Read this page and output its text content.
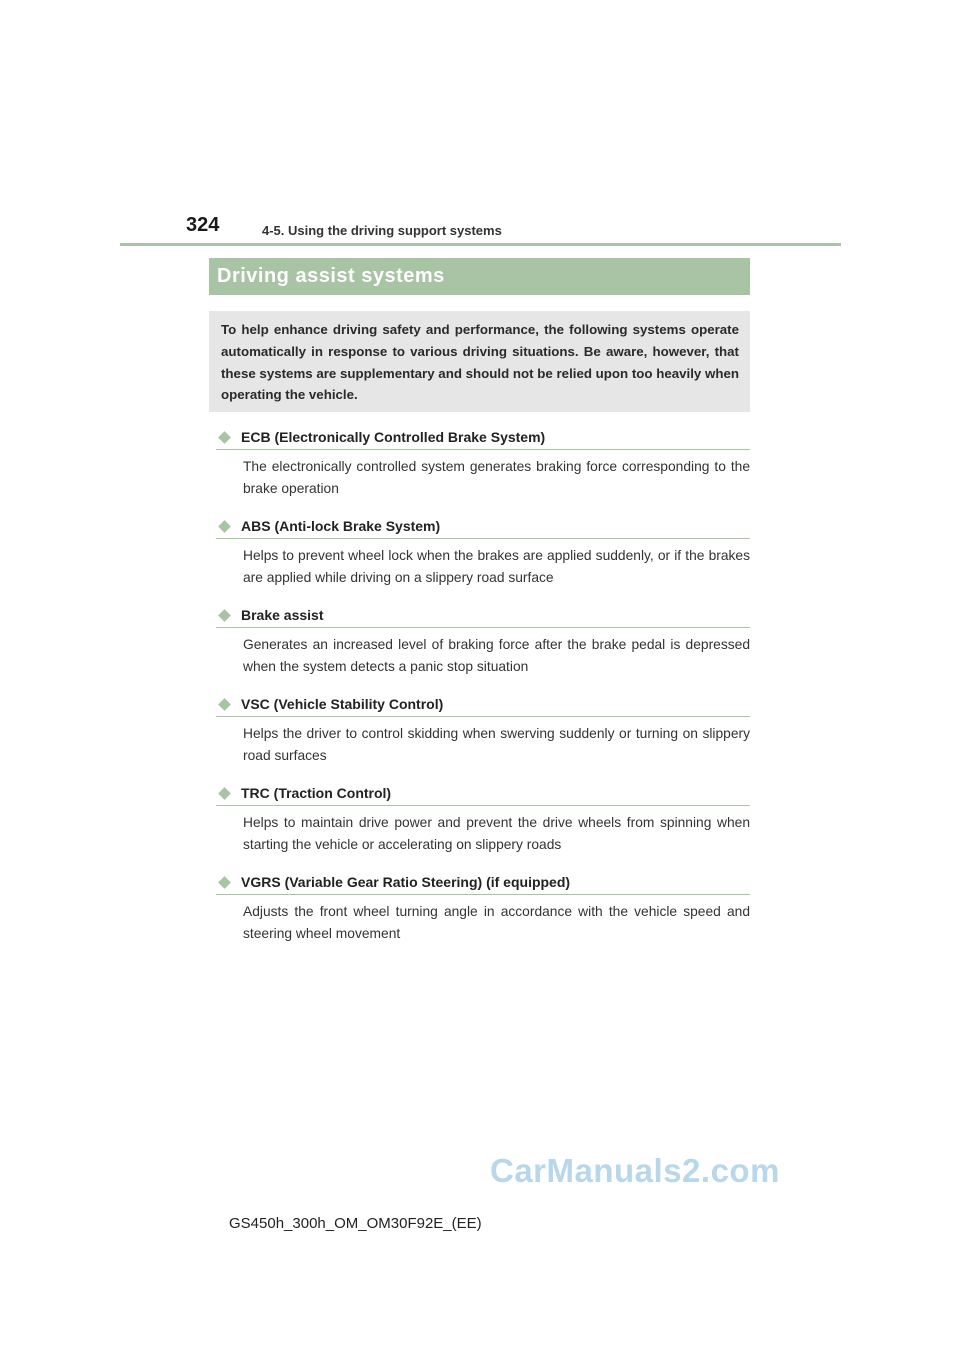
324	4-5. Using the driving support systems
Driving assist systems
To help enhance driving safety and performance, the following systems operate automatically in response to various driving situations. Be aware, however, that these systems are supplementary and should not be relied upon too heavily when operating the vehicle.
ECB (Electronically Controlled Brake System)
The electronically controlled system generates braking force corresponding to the brake operation
ABS (Anti-lock Brake System)
Helps to prevent wheel lock when the brakes are applied suddenly, or if the brakes are applied while driving on a slippery road surface
Brake assist
Generates an increased level of braking force after the brake pedal is depressed when the system detects a panic stop situation
VSC (Vehicle Stability Control)
Helps the driver to control skidding when swerving suddenly or turning on slippery road surfaces
TRC (Traction Control)
Helps to maintain drive power and prevent the drive wheels from spinning when starting the vehicle or accelerating on slippery roads
VGRS (Variable Gear Ratio Steering) (if equipped)
Adjusts the front wheel turning angle in accordance with the vehicle speed and steering wheel movement
CarManuals2.com
GS450h_300h_OM_OM30F92E_(EE)
